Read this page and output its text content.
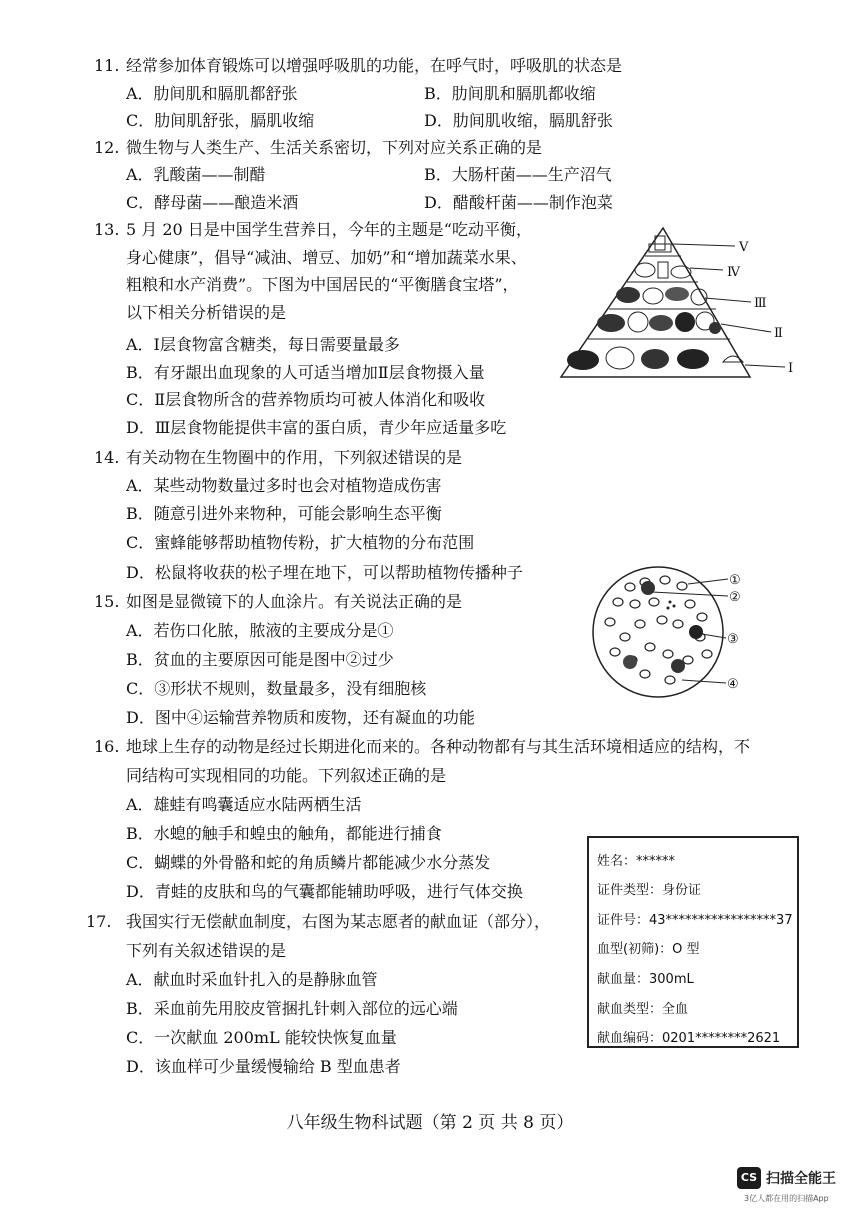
11. 经常参加体育锻炼可以增强呼吸肌的功能，在呼气时，呼吸肌的状态是
A．肋间肌和膈肌都舒张	B．肋间肌和膈肌都收缩
C．肋间肌舒张，膈肌收缩	D．肋间肌收缩，膈肌舒张
12. 微生物与人类生产、生活关系密切，下列对应关系正确的是
A．乳酸菌——制醋	B．大肠杆菌——生产沼气
C．酵母菌——酿造米酒	D．醋酸杆菌——制作泡菜
13. 5 月 20 日是中国学生营养日，今年的主题是“吃动平衡，
身心健康”，倡导“减油、增豆、加奶”和“增加蔬菜水果、
粗粮和水产消费”。下图为中国居民的“平衡膳食宝塔”，
以下相关分析错误的是
A．Ⅰ层食物富含糖类，每日需要量最多
B．有牙龈出血现象的人可适当增加Ⅱ层食物摄入量
C．Ⅱ层食物所含的营养物质均可被人体消化和吸收
D．Ⅲ层食物能提供丰富的蛋白质，青少年应适量多吃
Ⅴ
Ⅳ
Ⅲ
Ⅱ
Ⅰ
14. 有关动物在生物圈中的作用，下列叙述错误的是
A．某些动物数量过多时也会对植物造成伤害
B．随意引进外来物种，可能会影响生态平衡
C．蜜蜂能够帮助植物传粉，扩大植物的分布范围
D．松鼠将收获的松子埋在地下，可以帮助植物传播种子	①
②
③
④
15. 如图是显微镜下的人血涂片。有关说法正确的是
A．若伤口化脓，脓液的主要成分是①
B．贫血的主要原因可能是图中②过少
C．③形状不规则，数量最多，没有细胞核
D．图中④运输营养物质和废物，还有凝血的功能
16. 地球上生存的动物是经过长期进化而来的。各种动物都有与其生活环境相适应的结构，不
同结构可实现相同的功能。下列叙述正确的是
A．雄蛙有鸣囊适应水陆两栖生活
B．水螅的触手和蝗虫的触角，都能进行捕食
C．蝴蝶的外骨骼和蛇的角质鳞片都能减少水分蒸发
D．青蛙的皮肤和鸟的气囊都能辅助呼吸，进行气体交换
17. 我国实行无偿献血制度，右图为某志愿者的献血证（部分），
下列有关叙述错误的是
A．献血时采血针扎入的是静脉血管
B．采血前先用胶皮管捆扎针刺入部位的远心端
C．一次献血 200mL 能较快恢复血量
D．该血样可少量缓慢输给 B 型血患者
姓名：******
证件类型：身份证
证件号：43*****************37
血型(初筛)：O 型
献血量：300mL
献血类型：全血
献血编码：0201********2621
八年级生物科试题（第 2 页 共 8 页）
CS 扫描全能王
3亿人都在用的扫描App
